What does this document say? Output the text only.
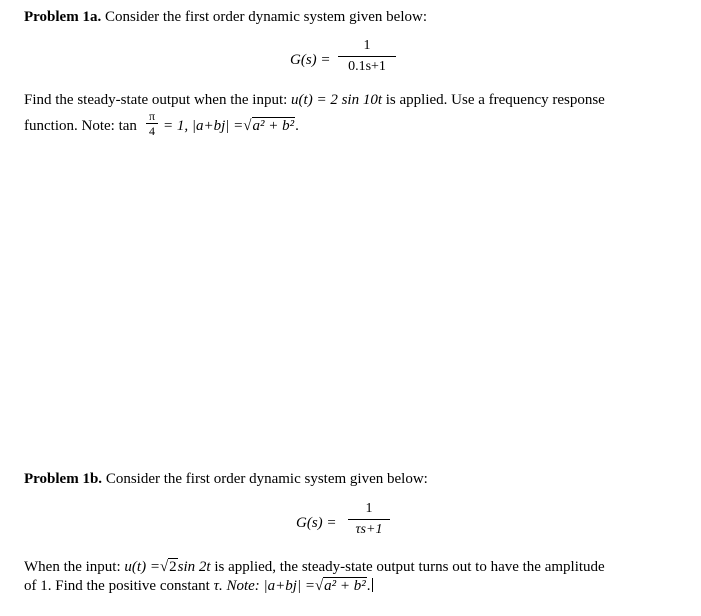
Problem 1a. Consider the first order dynamic system given below:
G(s) =
1
0.1s+1
Find the steady-state output when the input: u(t) = 2 sin 10t is applied. Use a frequency response
function. Note: tan
π
4 = 1, |a+bj| =√a² + b².
Problem 1b. Consider the first order dynamic system given below:
G(s) =
1
τs+1
When the input: u(t) =√2sin 2t is applied, the steady-state output turns out to have the amplitude
of 1. Find the positive constant τ. Note: |a+bj| =√a² + b².
